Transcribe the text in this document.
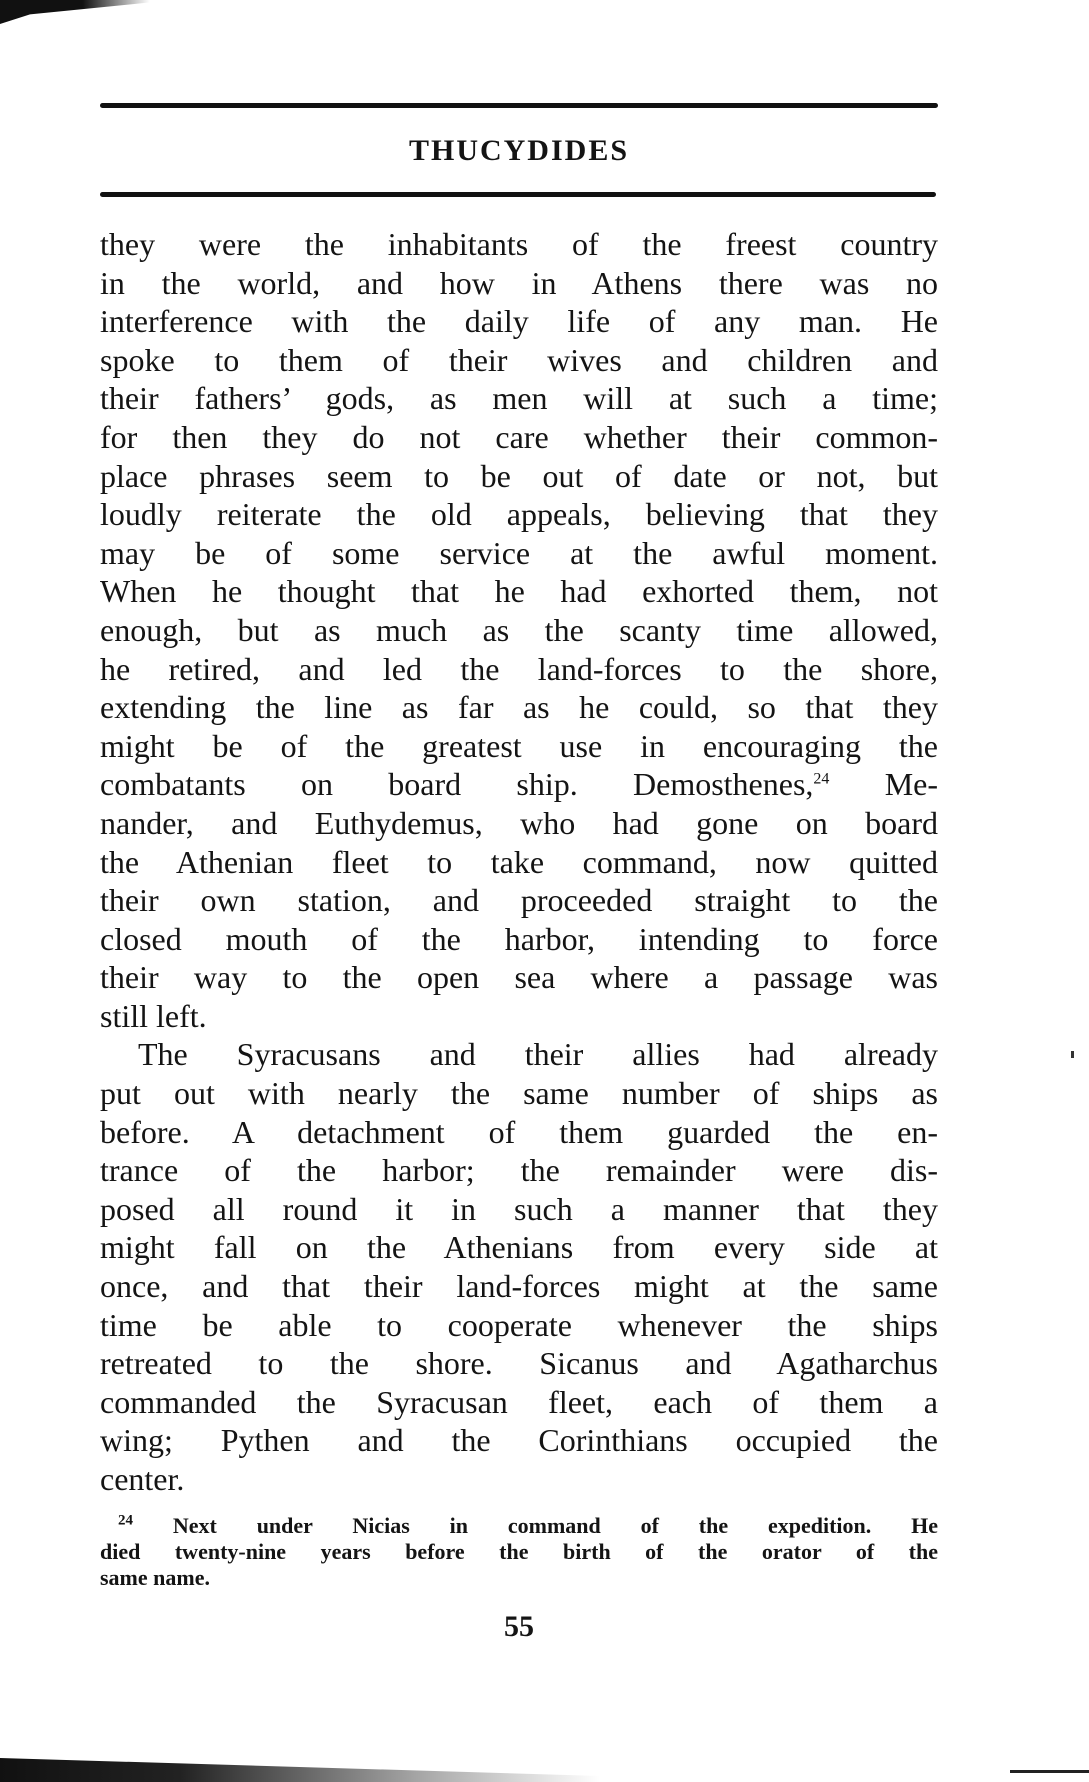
THUCYDIDES
they were the inhabitants of the freest country
in the world, and how in Athens there was no
interference with the daily life of any man. He
spoke to them of their wives and children and
their fathers’ gods, as men will at such a time;
for then they do not care whether their common-
place phrases seem to be out of date or not, but
loudly reiterate the old appeals, believing that they
may be of some service at the awful moment.
When he thought that he had exhorted them, not
enough, but as much as the scanty time allowed,
he retired, and led the land-forces to the shore,
extending the line as far as he could, so that they
might be of the greatest use in encouraging the
combatants on board ship. Demosthenes,$^{24}$ Me-
nander, and Euthydemus, who had gone on board
the Athenian fleet to take command, now quitted
their own station, and proceeded straight to the
closed mouth of the harbor, intending to force
their way to the open sea where a passage was
still left.
The Syracusans and their allies had already
put out with nearly the same number of ships as
before. A detachment of them guarded the en-
trance of the harbor; the remainder were dis-
posed all round it in such a manner that they
might fall on the Athenians from every side at
once, and that their land-forces might at the same
time be able to cooperate whenever the ships
retreated to the shore. Sicanus and Agatharchus
commanded the Syracusan fleet, each of them a
wing; Pythen and the Corinthians occupied the
center.
$^{24}$ Next under Nicias in command of the expedition. He
died twenty-nine years before the birth of the orator of the
same name.
55
